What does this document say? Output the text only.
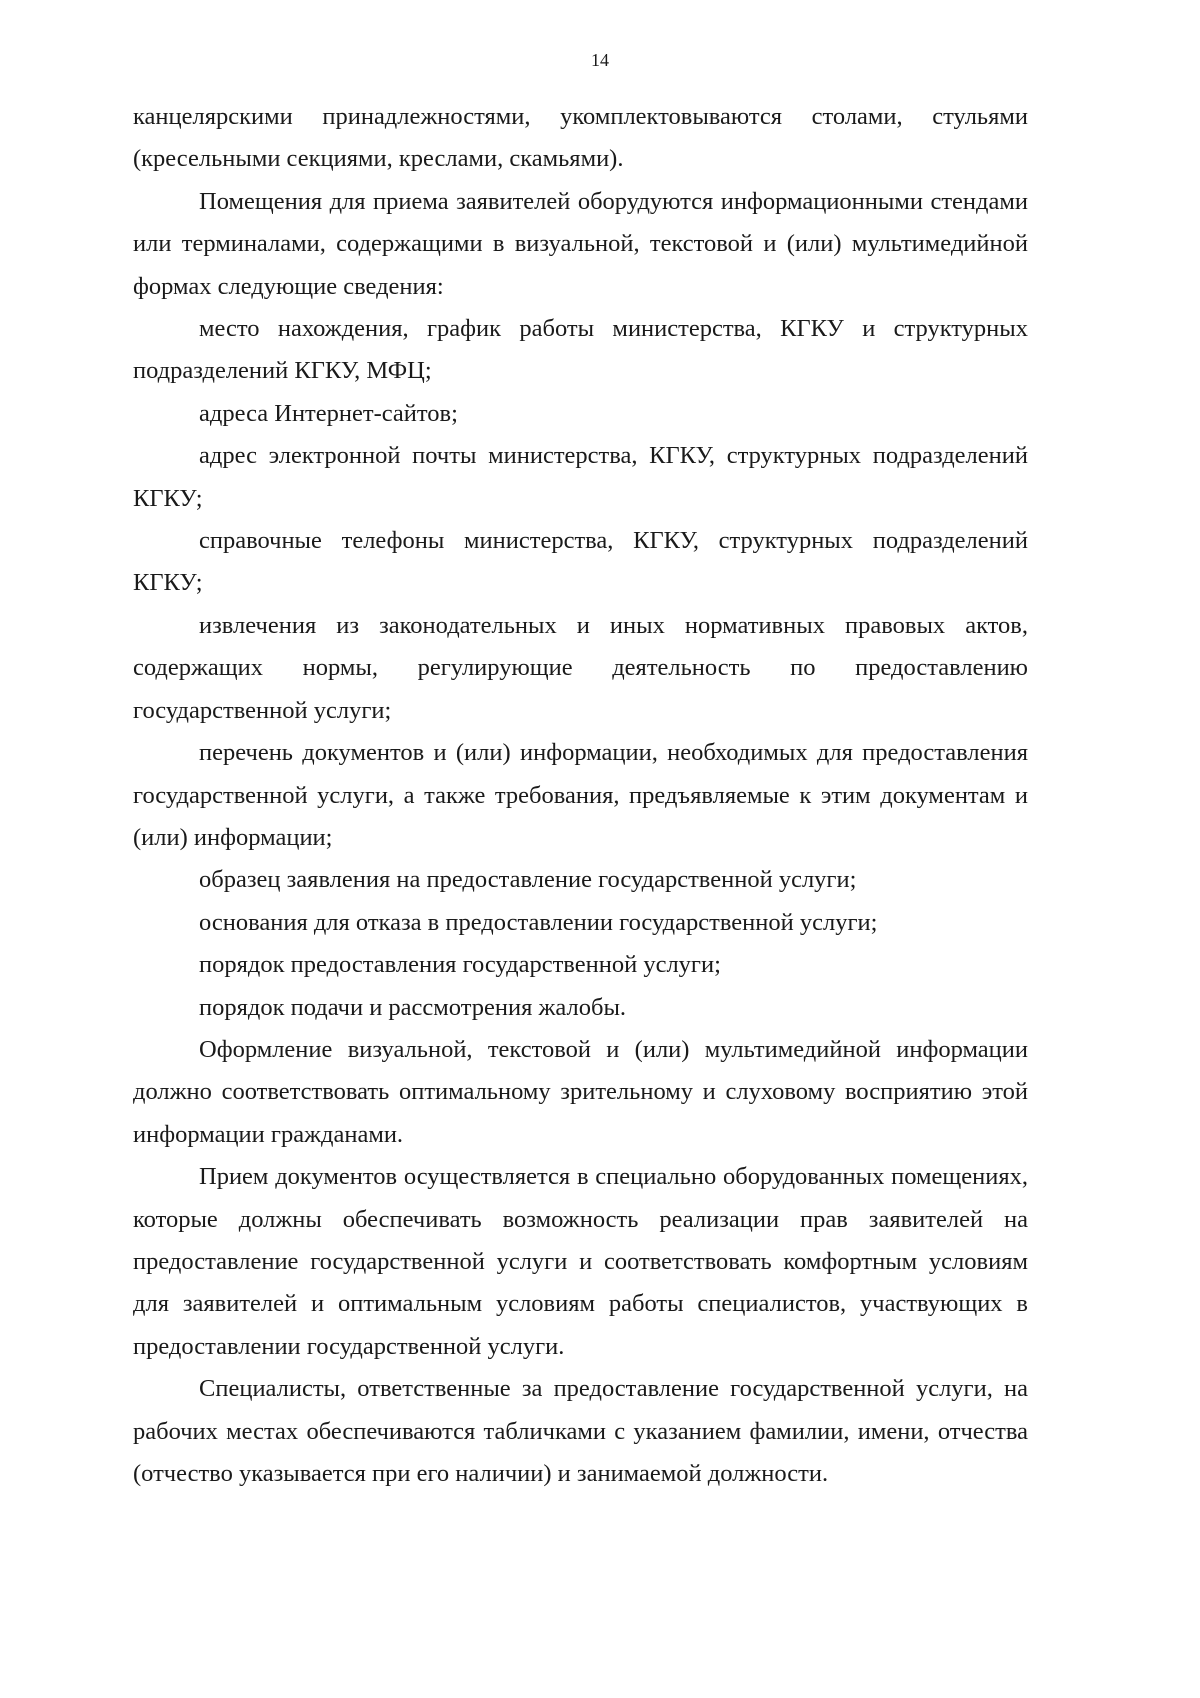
14

канцелярскими принадлежностями, укомплектовываются столами, стульями (кресельными секциями, креслами, скамьями).

Помещения для приема заявителей оборудуются информационными стендами или терминалами, содержащими в визуальной, текстовой и (или) мультимедийной формах следующие сведения:

место нахождения, график работы министерства, КГКУ и структурных подразделений КГКУ, МФЦ;

адреса Интернет-сайтов;

адрес электронной почты министерства, КГКУ, структурных подразделений КГКУ;

справочные телефоны министерства, КГКУ, структурных подразделений КГКУ;

извлечения из законодательных и иных нормативных правовых актов, содержащих нормы, регулирующие деятельность по предоставлению государственной услуги;

перечень документов и (или) информации, необходимых для предоставления государственной услуги, а также требования, предъявляемые к этим документам и (или) информации;

образец заявления на предоставление государственной услуги;

основания для отказа в предоставлении государственной услуги;

порядок предоставления государственной услуги;

порядок подачи и рассмотрения жалобы.

Оформление визуальной, текстовой и (или) мультимедийной информации должно соответствовать оптимальному зрительному и слуховому восприятию этой информации гражданами.

Прием документов осуществляется в специально оборудованных помещениях, которые должны обеспечивать возможность реализации прав заявителей на предоставление государственной услуги и соответствовать комфортным условиям для заявителей и оптимальным условиям работы специалистов, участвующих в предоставлении государственной услуги.

Специалисты, ответственные за предоставление государственной услуги, на рабочих местах обеспечиваются табличками с указанием фамилии, имени, отчества (отчество указывается при его наличии) и занимаемой должности.
